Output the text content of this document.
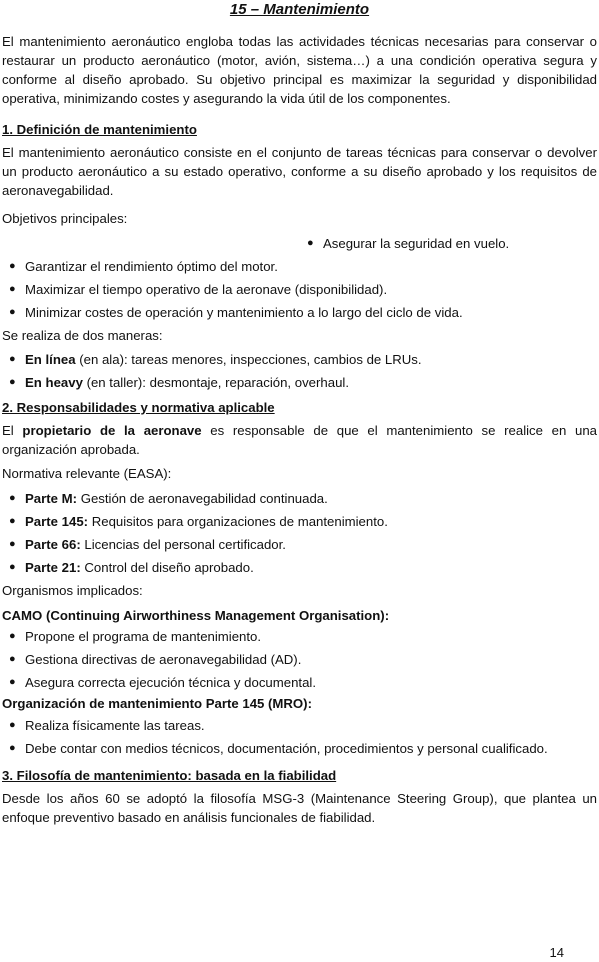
15 – Mantenimiento

El mantenimiento aeronáutico engloba todas las actividades técnicas necesarias para conservar o restaurar un producto aeronáutico (motor, avión, sistema…) a una condición operativa segura y conforme al diseño aprobado. Su objetivo principal es maximizar la seguridad y disponibilidad operativa, minimizando costes y asegurando la vida útil de los componentes.

1. Definición de mantenimiento

El mantenimiento aeronáutico consiste en el conjunto de tareas técnicas para conservar o devolver un producto aeronáutico a su estado operativo, conforme a su diseño aprobado y los requisitos de aeronavegabilidad.

Objetivos principales:

● Asegurar la seguridad en vuelo.
● Garantizar el rendimiento óptimo del motor.
● Maximizar el tiempo operativo de la aeronave (disponibilidad).
● Minimizar costes de operación y mantenimiento a lo largo del ciclo de vida.

Se realiza de dos maneras:

● En línea (en ala): tareas menores, inspecciones, cambios de LRUs.
● En heavy (en taller): desmontaje, reparación, overhaul.

2. Responsabilidades y normativa aplicable

El propietario de la aeronave es responsable de que el mantenimiento se realice en una organización aprobada.

Normativa relevante (EASA):

● Parte M: Gestión de aeronavegabilidad continuada.
● Parte 145: Requisitos para organizaciones de mantenimiento.
● Parte 66: Licencias del personal certificador.
● Parte 21: Control del diseño aprobado.

Organismos implicados:

CAMO (Continuing Airworthiness Management Organisation):

● Propone el programa de mantenimiento.
● Gestiona directivas de aeronavegabilidad (AD).
● Asegura correcta ejecución técnica y documental.

Organización de mantenimiento Parte 145 (MRO):

● Realiza físicamente las tareas.
● Debe contar con medios técnicos, documentación, procedimientos y personal cualificado.

3. Filosofía de mantenimiento: basada en la fiabilidad

Desde los años 60 se adoptó la filosofía MSG-3 (Maintenance Steering Group), que plantea un enfoque preventivo basado en análisis funcionales de fiabilidad.

14
